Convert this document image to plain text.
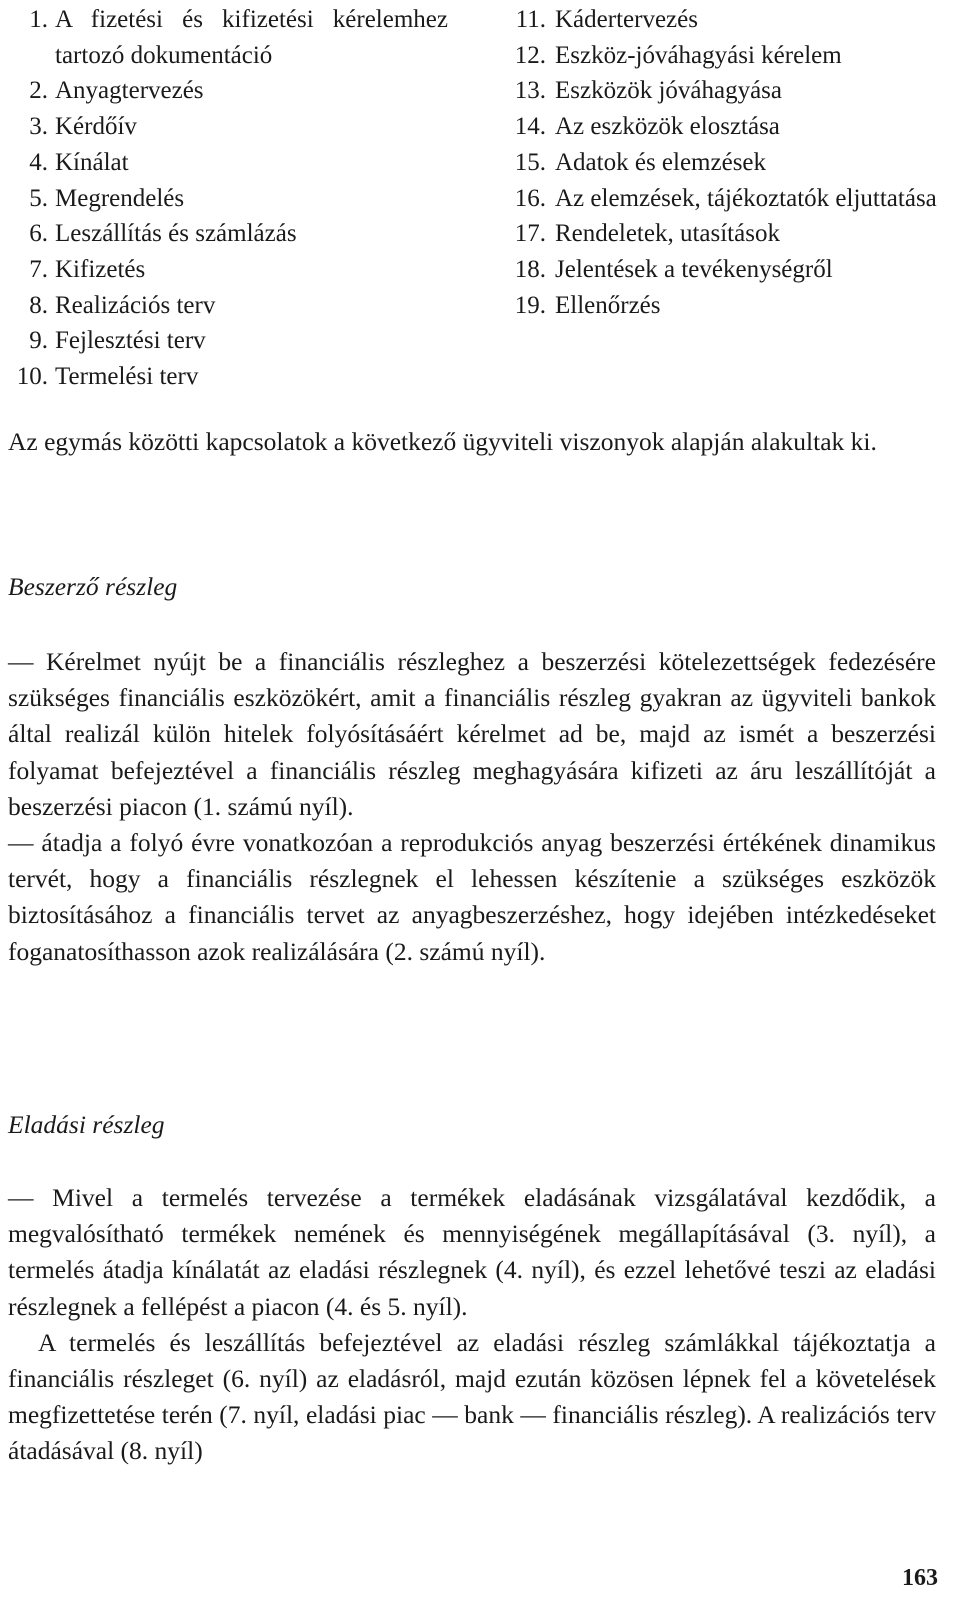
1. A fizetési és kifizetési kérelemhez tartozó dokumentáció
2. Anyagtervezés
3. Kérdőív
4. Kínálat
5. Megrendelés
6. Leszállítás és számlázás
7. Kifizetés
8. Realizációs terv
9. Fejlesztési terv
10. Termelési terv
11. Kádertervezés
12. Eszköz-jóváhagyási kérelem
13. Eszközök jóváhagyása
14. Az eszközök elosztása
15. Adatok és elemzések
16. Az elemzések, tájékoztatók eljuttatása
17. Rendeletek, utasítások
18. Jelentések a tevékenységről
19. Ellenőrzés

Az egymás közötti kapcsolatok a következő ügyviteli viszonyok alapján alakultak ki.

Beszerző részleg

— Kérelmet nyújt be a financiális részleghez a beszerzési kötelezettségek fedezésére szükséges financiális eszközökért, amit a financiális részleg gyakran az ügyviteli bankok által realizál külön hitelek folyósításáért kérelmet ad be, majd az ismét a beszerzési folyamat befejeztével a financiális részleg meghagyására kifizeti az áru leszállítóját a beszerzési piacon (1. számú nyíl).

— átadja a folyó évre vonatkozóan a reprodukciós anyag beszerzési értékének dinamikus tervét, hogy a financiális részlegnek el lehessen készítenie a szükséges eszközök biztosításához a financiális tervet az anyagbeszerzéshez, hogy idejében intézkedéseket foganatosíthasson azok realizálására (2. számú nyíl).

Eladási részleg

— Mivel a termelés tervezése a termékek eladásának vizsgálatával kezdődik, a megvalósítható termékek nemének és mennyiségének megállapításával (3. nyíl), a termelés átadja kínálatát az eladási részlegnek (4. nyíl), és ezzel lehetővé teszi az eladási részlegnek a fellépést a piacon (4. és 5. nyíl).

A termelés és leszállítás befejeztével az eladási részleg számlákkal tájékoztatja a financiális részleget (6. nyíl) az eladásról, majd ezután közösen lépnek fel a követelések megfizettetése terén (7. nyíl, eladási piac — bank — financiális részleg). A realizációs terv átadásával (8. nyíl)

163
